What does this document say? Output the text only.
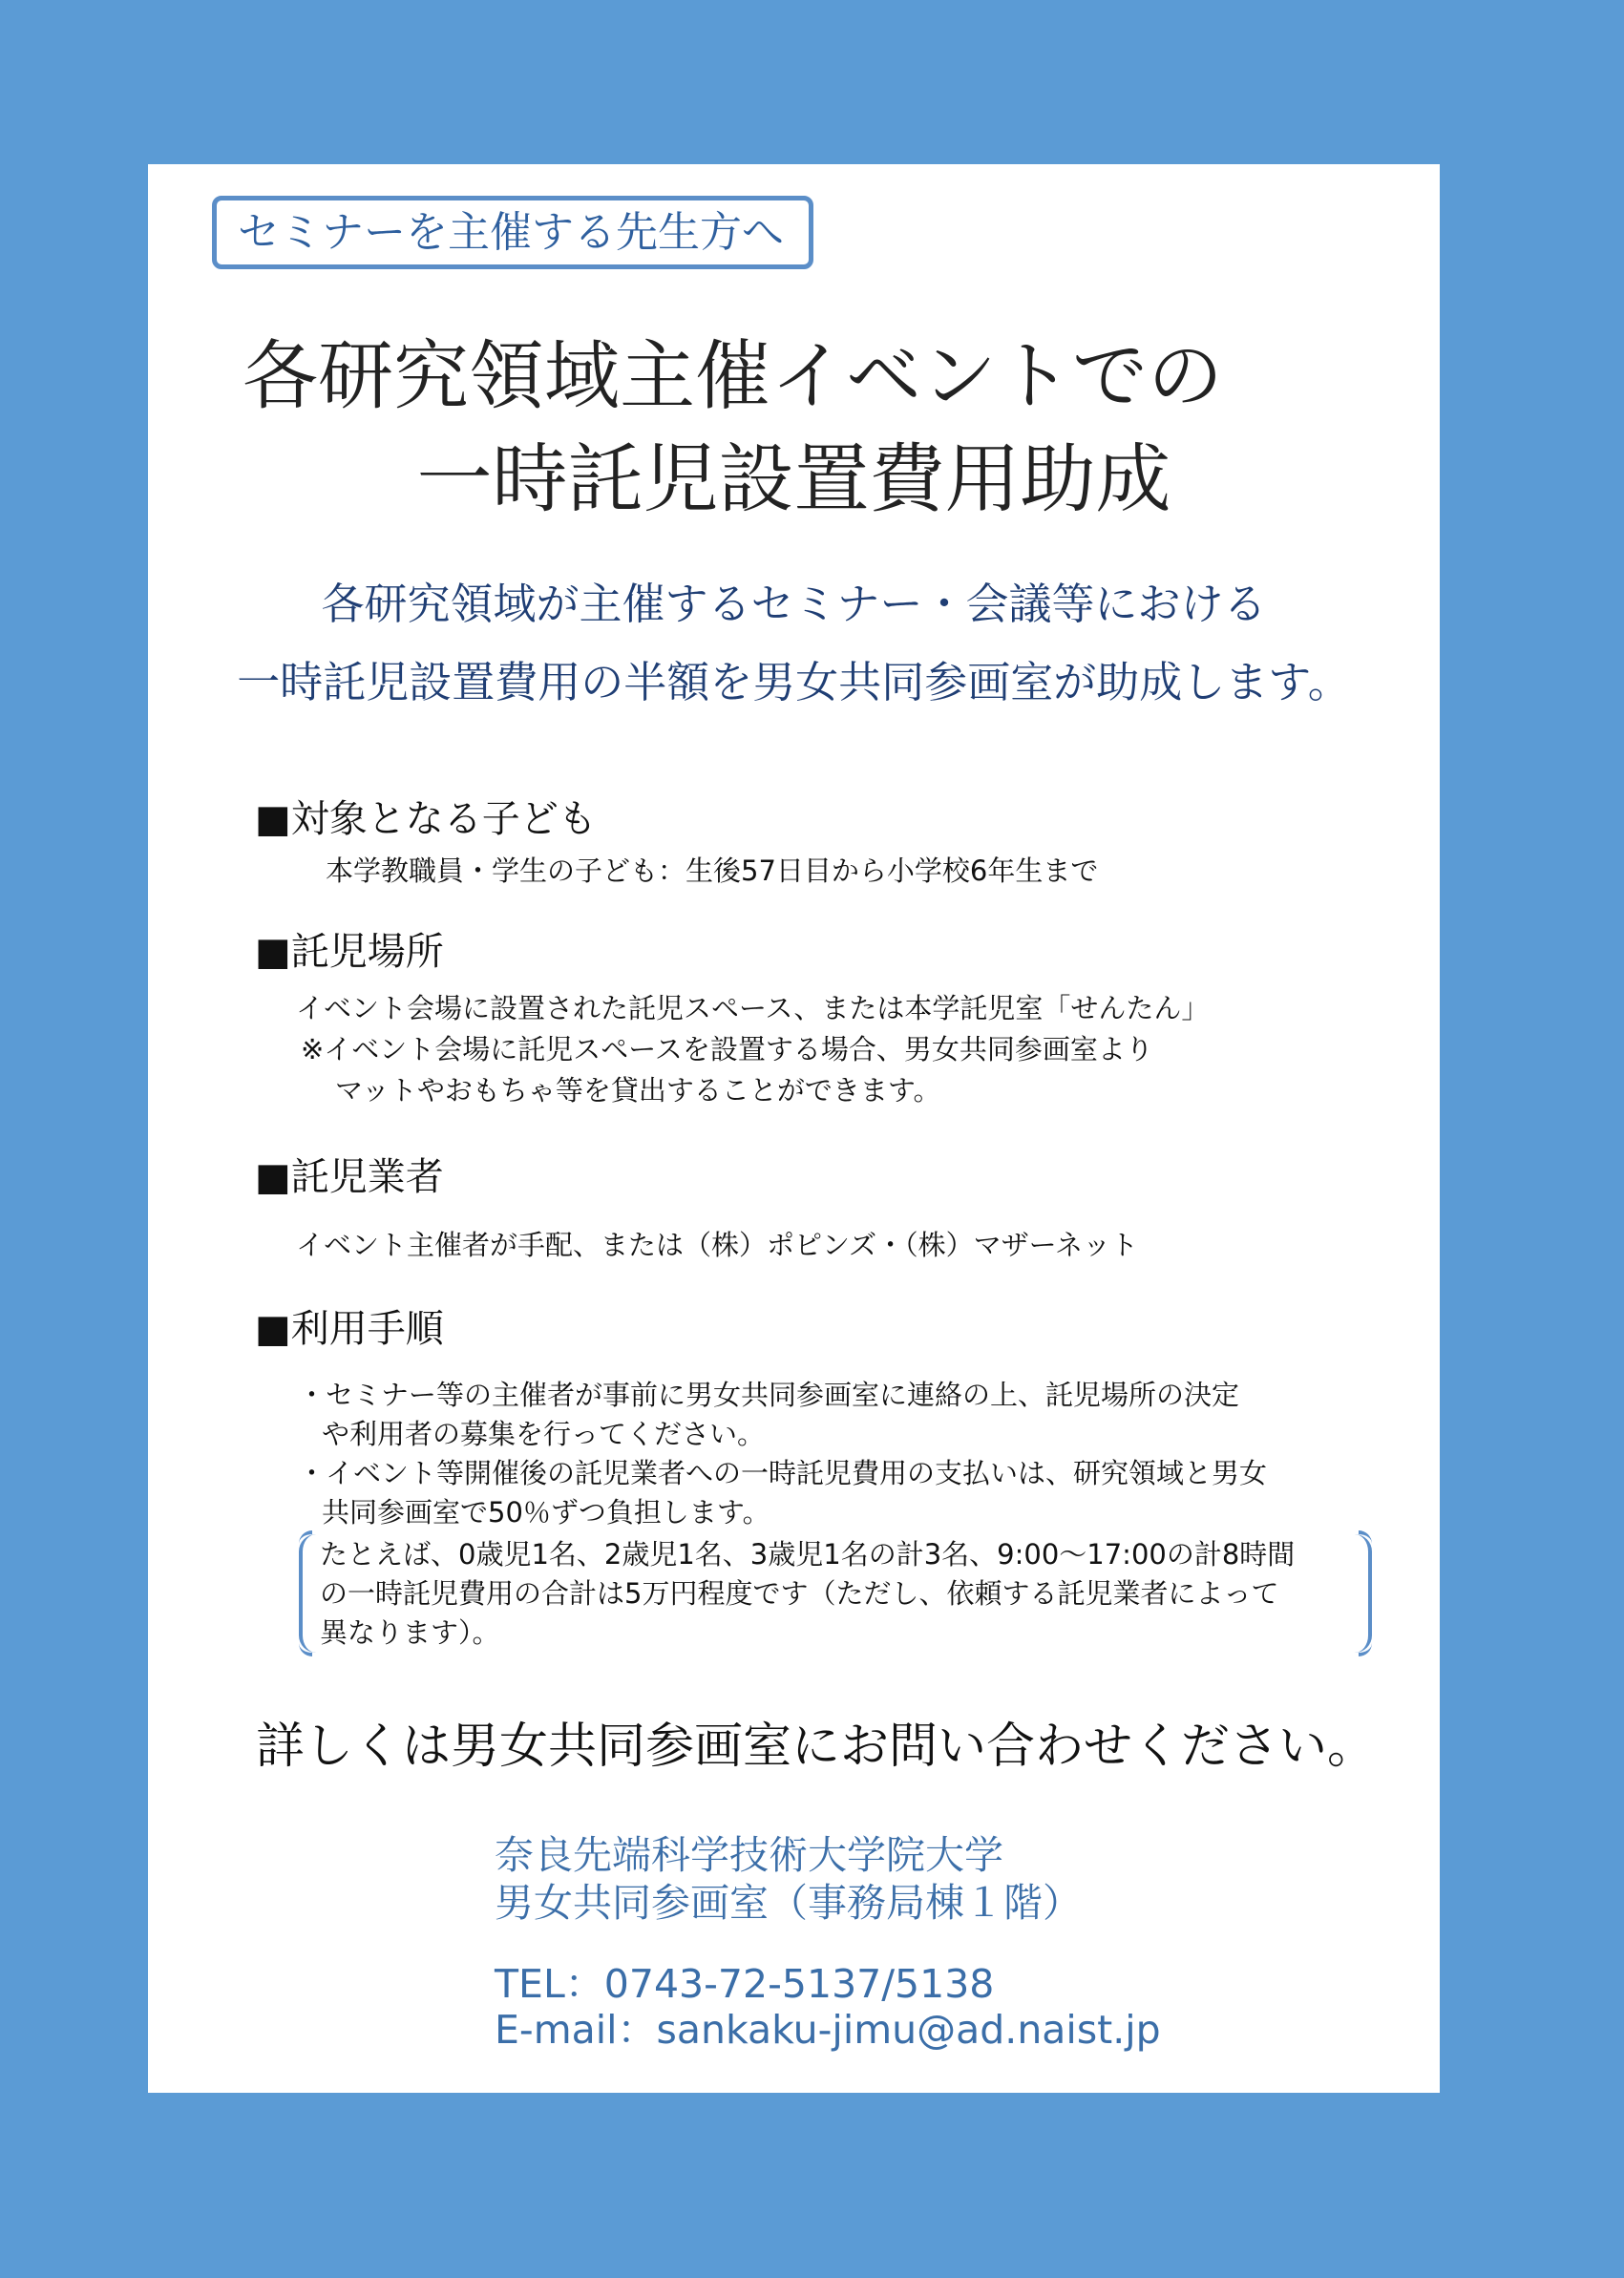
セミナーを主催する先生方へ
各研究領域主催イベントでの
一時託児設置費用助成
各研究領域が主催するセミナー・会議等における
一時託児設置費用の半額を男女共同参画室が助成します。
■対象となる子ども
本学教職員・学生の子ども：生後57日目から小学校6年生まで
■託児場所
イベント会場に設置された託児スペース、または本学託児室「せんたん」
※イベント会場に託児スペースを設置する場合、男女共同参画室より
マットやおもちゃ等を貸出することができます。
■託児業者
イベント主催者が手配、または（株）ポピンズ・（株）マザーネット
■利用手順
・セミナー等の主催者が事前に男女共同参画室に連絡の上、託児場所の決定
や利用者の募集を行ってください。
・イベント等開催後の託児業者への一時託児費用の支払いは、研究領域と男女
共同参画室で50％ずつ負担します。
たとえば、0歳児1名、2歳児1名、3歳児1名の計3名、9:00～17:00の計8時間
の一時託児費用の合計は5万円程度です（ただし、依頼する託児業者によって
異なります）。
詳しくは男女共同参画室にお問い合わせください。
奈良先端科学技術大学院大学
男女共同参画室（事務局棟１階）
TEL：0743-72-5137/5138
E-mail：sankaku-jimu@ad.naist.jp
